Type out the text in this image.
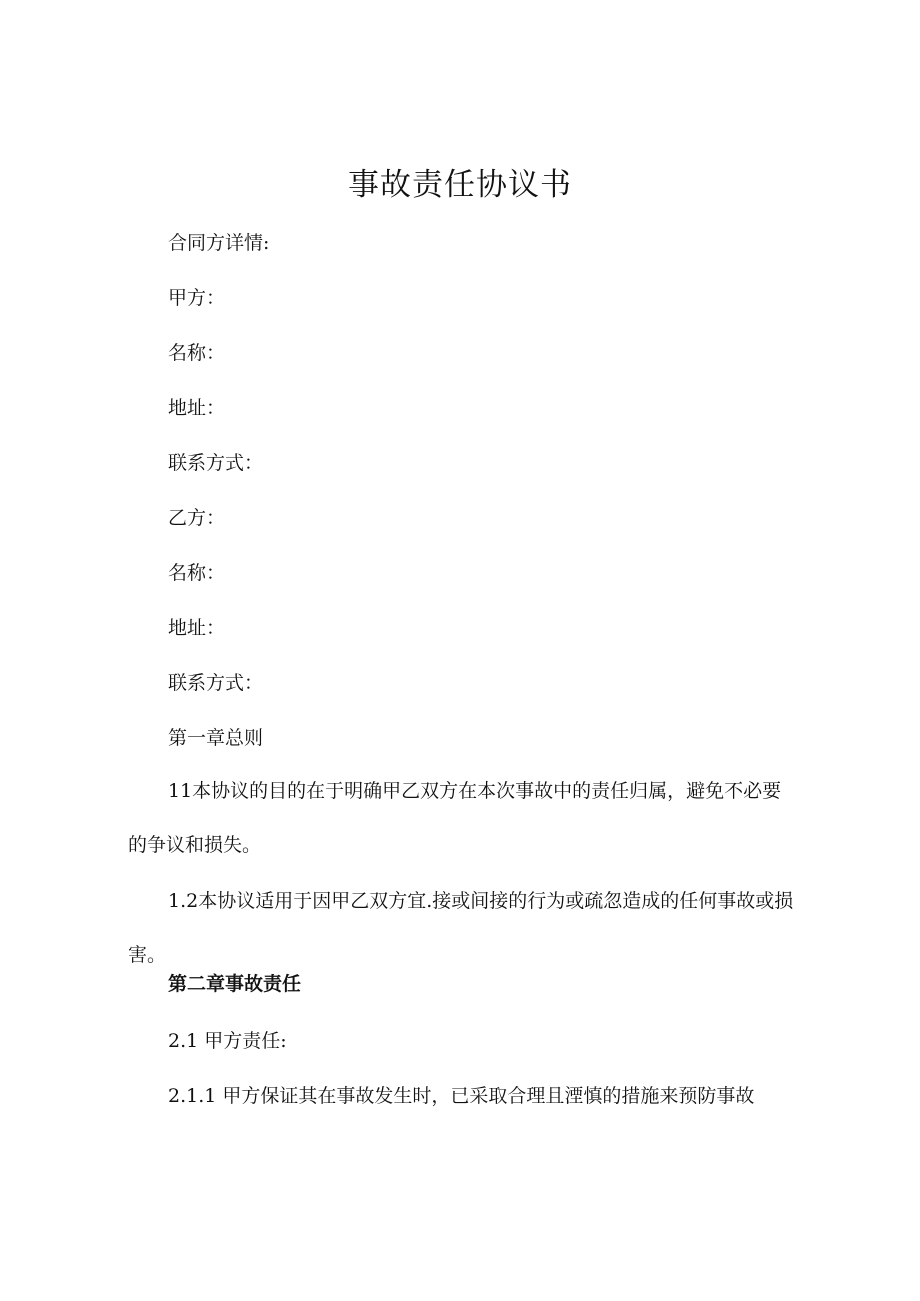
事故责任协议书
合同方详情:
甲方：
名称：
地址：
联系方式：
乙方：
名称：
地址：
联系方式：
第一章总则
11本协议的目的在于明确甲乙双方在本次事故中的责任归属，避免不必要的争议和损失。
1.2本协议适用于因甲乙双方宜.接或间接的行为或疏忽造成的任何事故或损害。
第二章事故责任
2.1 甲方责任:
2.1.1 甲方保证其在事故发生时，已采取合理且湮慎的措施来预防事故
